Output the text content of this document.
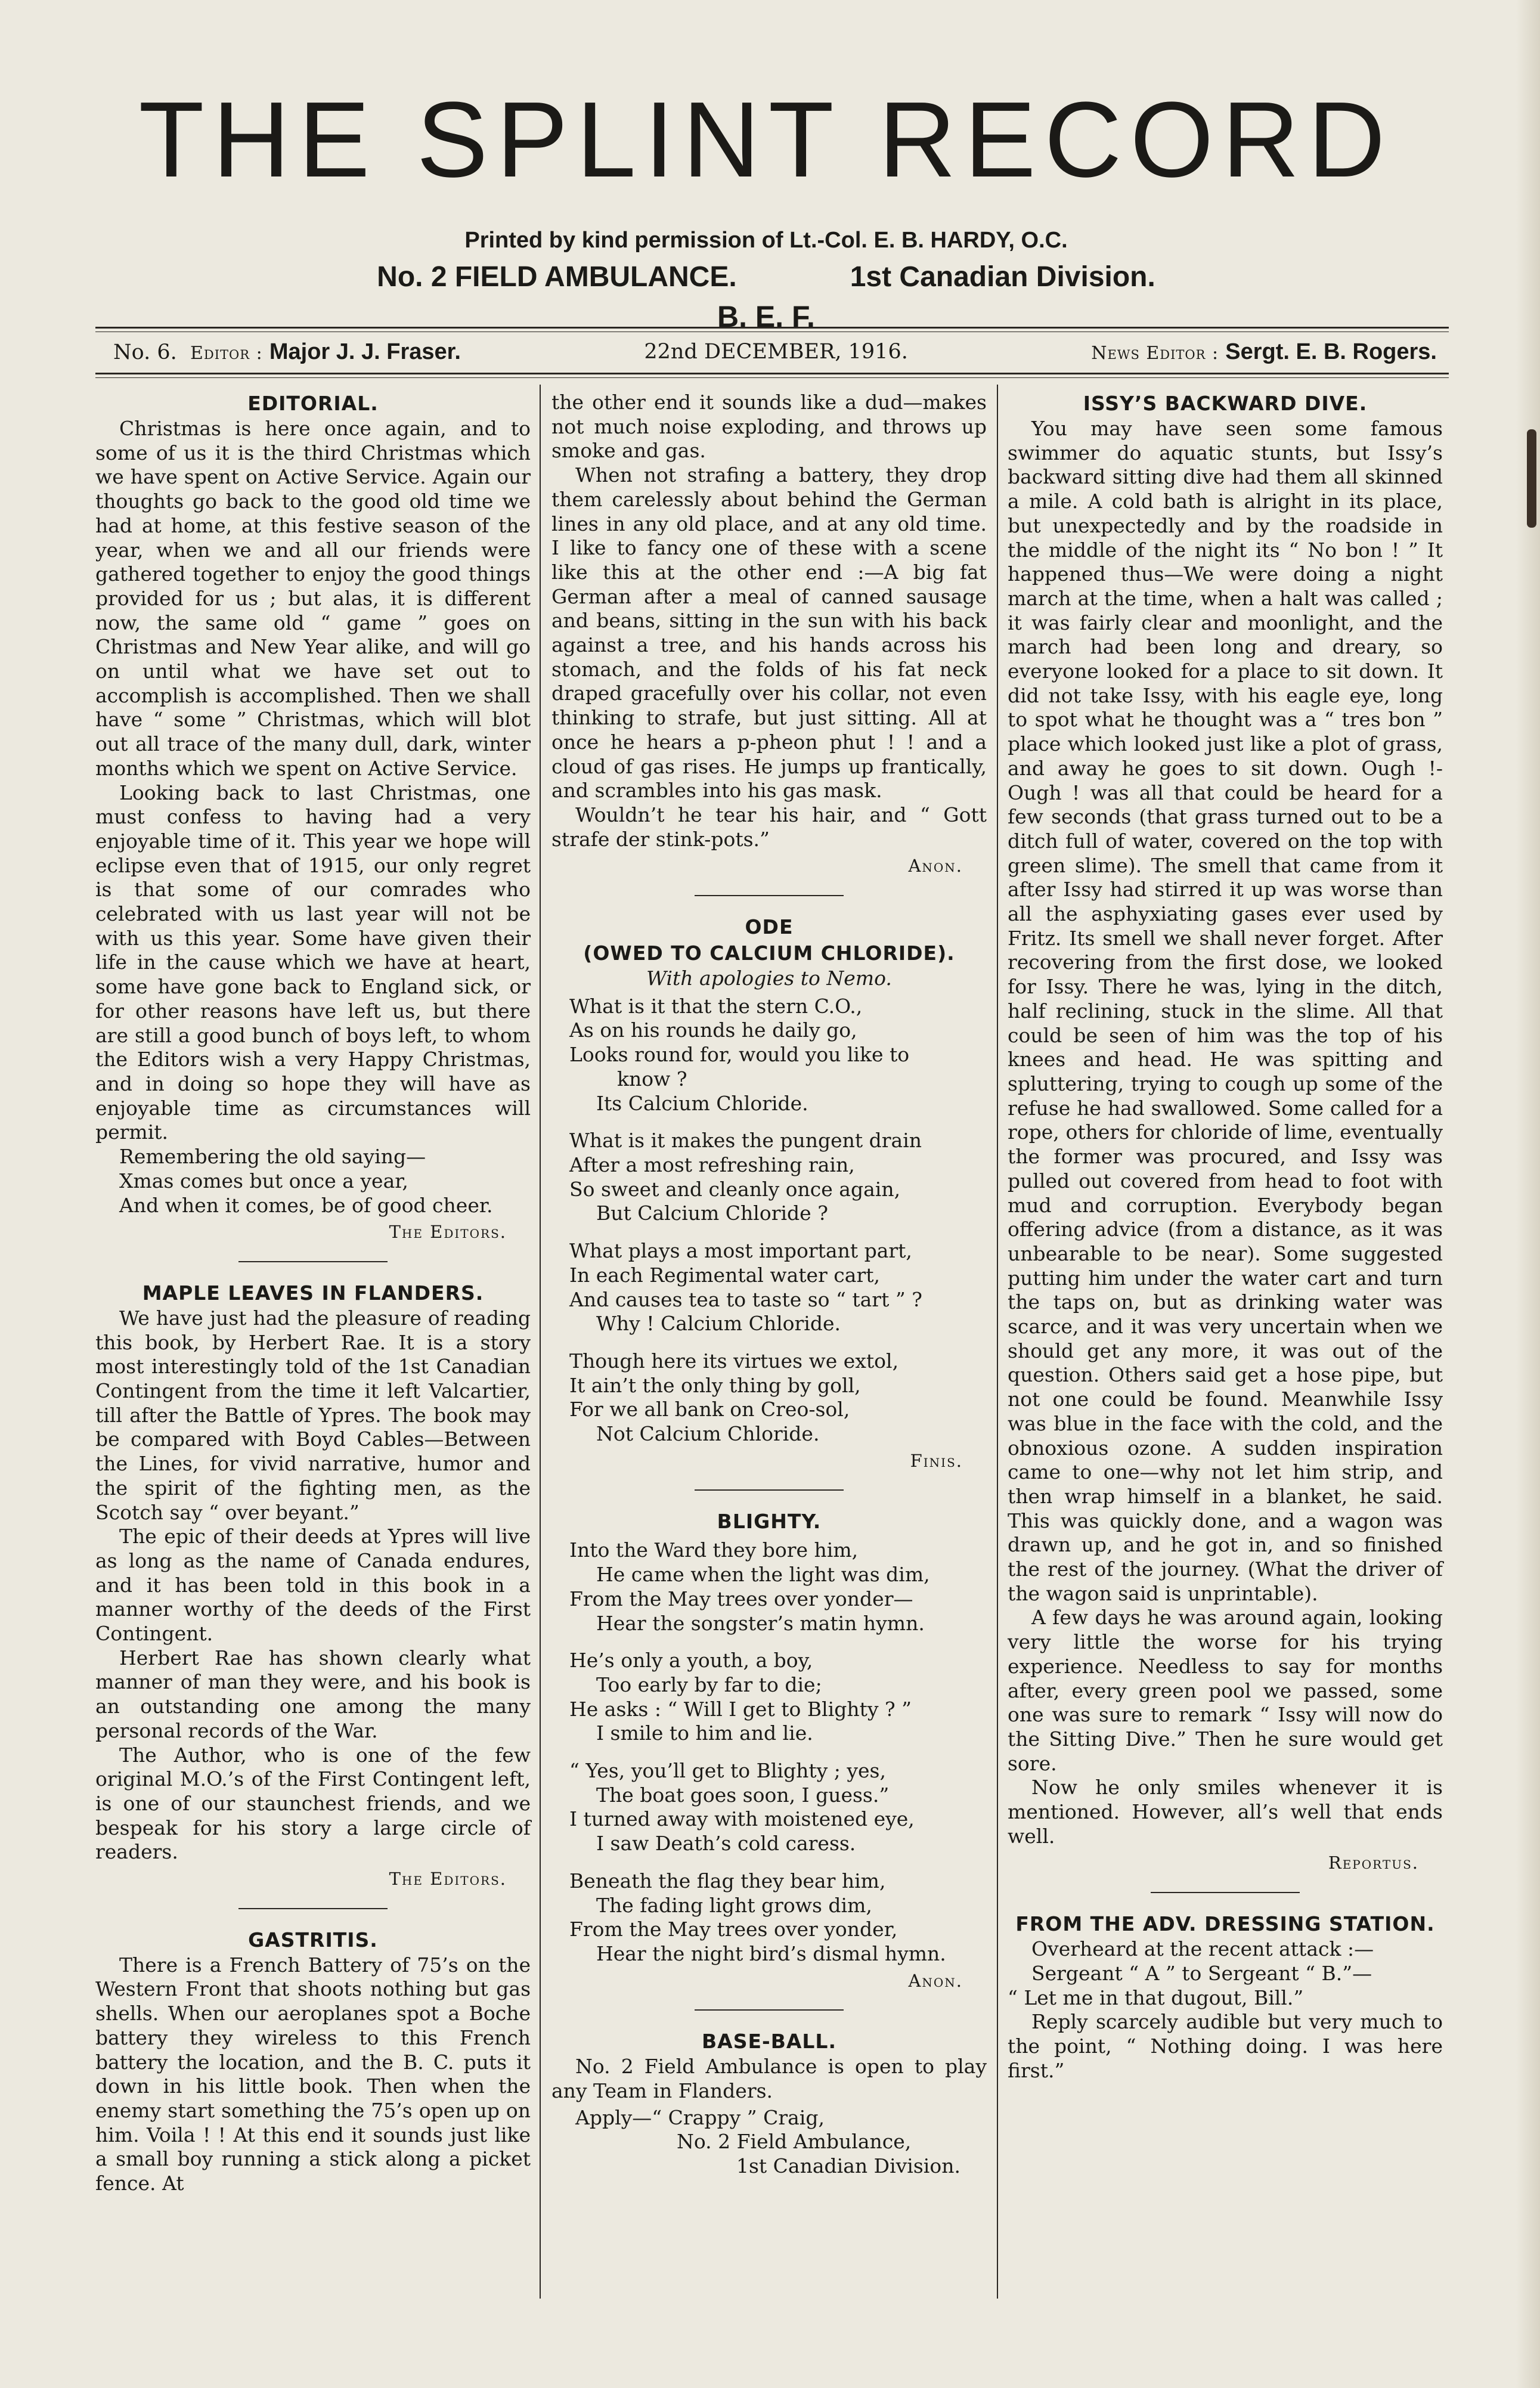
THE SPLINT RECORD
Printed by kind permission of Lt.-Col. E. B. HARDY, O.C.
No. 2 FIELD AMBULANCE.	1st Canadian Division.
B. E. F.
No. 6. Editor : Major J. J. Fraser.	22nd DECEMBER, 1916.	News Editor : Sergt. E. B. Rogers.
EDITORIAL.

Christmas is here once again, and to some of us it is the third Christmas which we have spent on Active Service. Again our thoughts go back to the good old time we had at home, at this festive season of the year, when we and all our friends were gathered together to enjoy the good things provided for us ; but alas, it is different now, the same old “ game ” goes on Christmas and New Year alike, and will go on until what we have set out to accomplish is accomplished. Then we shall have “ some ” Christmas, which will blot out all trace of the many dull, dark, winter months which we spent on Active Service.

Looking back to last Christmas, one must confess to having had a very enjoyable time of it. This year we hope will eclipse even that of 1915, our only regret is that some of our comrades who celebrated with us last year will not be with us this year. Some have given their life in the cause which we have at heart, some have gone back to England sick, or for other reasons have left us, but there are still a good bunch of boys left, to whom the Editors wish a very Happy Christmas, and in doing so hope they will have as enjoyable time as circumstances will permit.

Remembering the old saying—
Xmas comes but once a year,
And when it comes, be of good cheer.
The Editors.
MAPLE LEAVES IN FLANDERS.

We have just had the pleasure of reading this book, by Herbert Rae. It is a story most interestingly told of the 1st Canadian Contingent from the time it left Valcartier, till after the Battle of Ypres. The book may be compared with Boyd Cables—Between the Lines, for vivid narrative, humor and the spirit of the fighting men, as the Scotch say “ over beyant.”

The epic of their deeds at Ypres will live as long as the name of Canada endures, and it has been told in this book in a manner worthy of the deeds of the First Contingent.

Herbert Rae has shown clearly what manner of man they were, and his book is an outstanding one among the many personal records of the War.

The Author, who is one of the few original M.O.’s of the First Contingent left, is one of our staunchest friends, and we bespeak for his story a large circle of readers.

The Editors.
GASTRITIS.

There is a French Battery of 75’s on the Western Front that shoots nothing but gas shells. When our aeroplanes spot a Boche battery they wireless to this French battery the location, and the B. C. puts it down in his little book. Then when the enemy start something the 75’s open up on him. Voila ! ! At this end it sounds just like a small boy running a stick along a picket fence. At

the other end it sounds like a dud—makes not much noise exploding, and throws up smoke and gas.

When not strafing a battery, they drop them carelessly about behind the German lines in any old place, and at any old time. I like to fancy one of these with a scene like this at the other end :—A big fat German after a meal of canned sausage and beans, sitting in the sun with his back against a tree, and his hands across his stomach, and the folds of his fat neck draped gracefully over his collar, not even thinking to strafe, but just sitting. All at once he hears a p-pheon phut ! ! and a cloud of gas rises. He jumps up frantically, and scrambles into his gas mask.

Wouldn’t he tear his hair, and “ Gott strafe der stink-pots.”

Anon.
ODE
(OWED TO CALCIUM CHLORIDE).
With apologies to Nemo.
What is it that the stern C.O.,
As on his rounds he daily go,
Looks round for, would you like to
know ?
Its Calcium Chloride.
What is it makes the pungent drain
After a most refreshing rain,
So sweet and cleanly once again,
But Calcium Chloride ?
What plays a most important part,
In each Regimental water cart,
And causes tea to taste so “ tart ” ?
Why ! Calcium Chloride.
Though here its virtues we extol,
It ain’t the only thing by goll,
For we all bank on Creo-sol,
Not Calcium Chloride.
Finis.
BLIGHTY.
Into the Ward they bore him,
He came when the light was dim,
From the May trees over yonder—
Hear the songster’s matin hymn.
He’s only a youth, a boy,
Too early by far to die;
He asks : “ Will I get to Blighty ? ”
I smile to him and lie.
“ Yes, you’ll get to Blighty ; yes,
The boat goes soon, I guess.”
I turned away with moistened eye,
I saw Death’s cold caress.
Beneath the flag they bear him,
The fading light grows dim,
From the May trees over yonder,
Hear the night bird’s dismal hymn.
Anon.
BASE-BALL.

No. 2 Field Ambulance is open to play any Team in Flanders.

Apply—“ Crappy ” Craig,
No. 2 Field Ambulance,
1st Canadian Division.
ISSY’S BACKWARD DIVE.

You may have seen some famous swimmer do aquatic stunts, but Issy’s backward sitting dive had them all skinned a mile. A cold bath is alright in its place, but unexpectedly and by the roadside in the middle of the night its “ No bon ! ” It happened thus—We were doing a night march at the time, when a halt was called ; it was fairly clear and moonlight, and the march had been long and dreary, so everyone looked for a place to sit down. It did not take Issy, with his eagle eye, long to spot what he thought was a “ tres bon ” place which looked just like a plot of grass, and away he goes to sit down. Ough !-Ough ! was all that could be heard for a few seconds (that grass turned out to be a ditch full of water, covered on the top with green slime). The smell that came from it after Issy had stirred it up was worse than all the asphyxiating gases ever used by Fritz. Its smell we shall never forget. After recovering from the first dose, we looked for Issy. There he was, lying in the ditch, half reclining, stuck in the slime. All that could be seen of him was the top of his knees and head. He was spitting and spluttering, trying to cough up some of the refuse he had swallowed. Some called for a rope, others for chloride of lime, eventually the former was procured, and Issy was pulled out covered from head to foot with mud and corruption. Everybody began offering advice (from a distance, as it was unbearable to be near). Some suggested putting him under the water cart and turn the taps on, but as drinking water was scarce, and it was very uncertain when we should get any more, it was out of the question. Others said get a hose pipe, but not one could be found. Meanwhile Issy was blue in the face with the cold, and the obnoxious ozone. A sudden inspiration came to one—why not let him strip, and then wrap himself in a blanket, he said. This was quickly done, and a wagon was drawn up, and he got in, and so finished the rest of the journey. (What the driver of the wagon said is unprintable).

A few days he was around again, looking very little the worse for his trying experience. Needless to say for months after, every green pool we passed, some one was sure to remark “ Issy will now do the Sitting Dive.” Then he sure would get sore.

Now he only smiles whenever it is mentioned. However, all’s well that ends well.

Reportus.
FROM THE ADV. DRESSING STATION.

Overheard at the recent attack :—

Sergeant “ A ” to Sergeant “ B.”—

“ Let me in that dugout, Bill.”

Reply scarcely audible but very much to the point, “ Nothing doing. I was here first.”
